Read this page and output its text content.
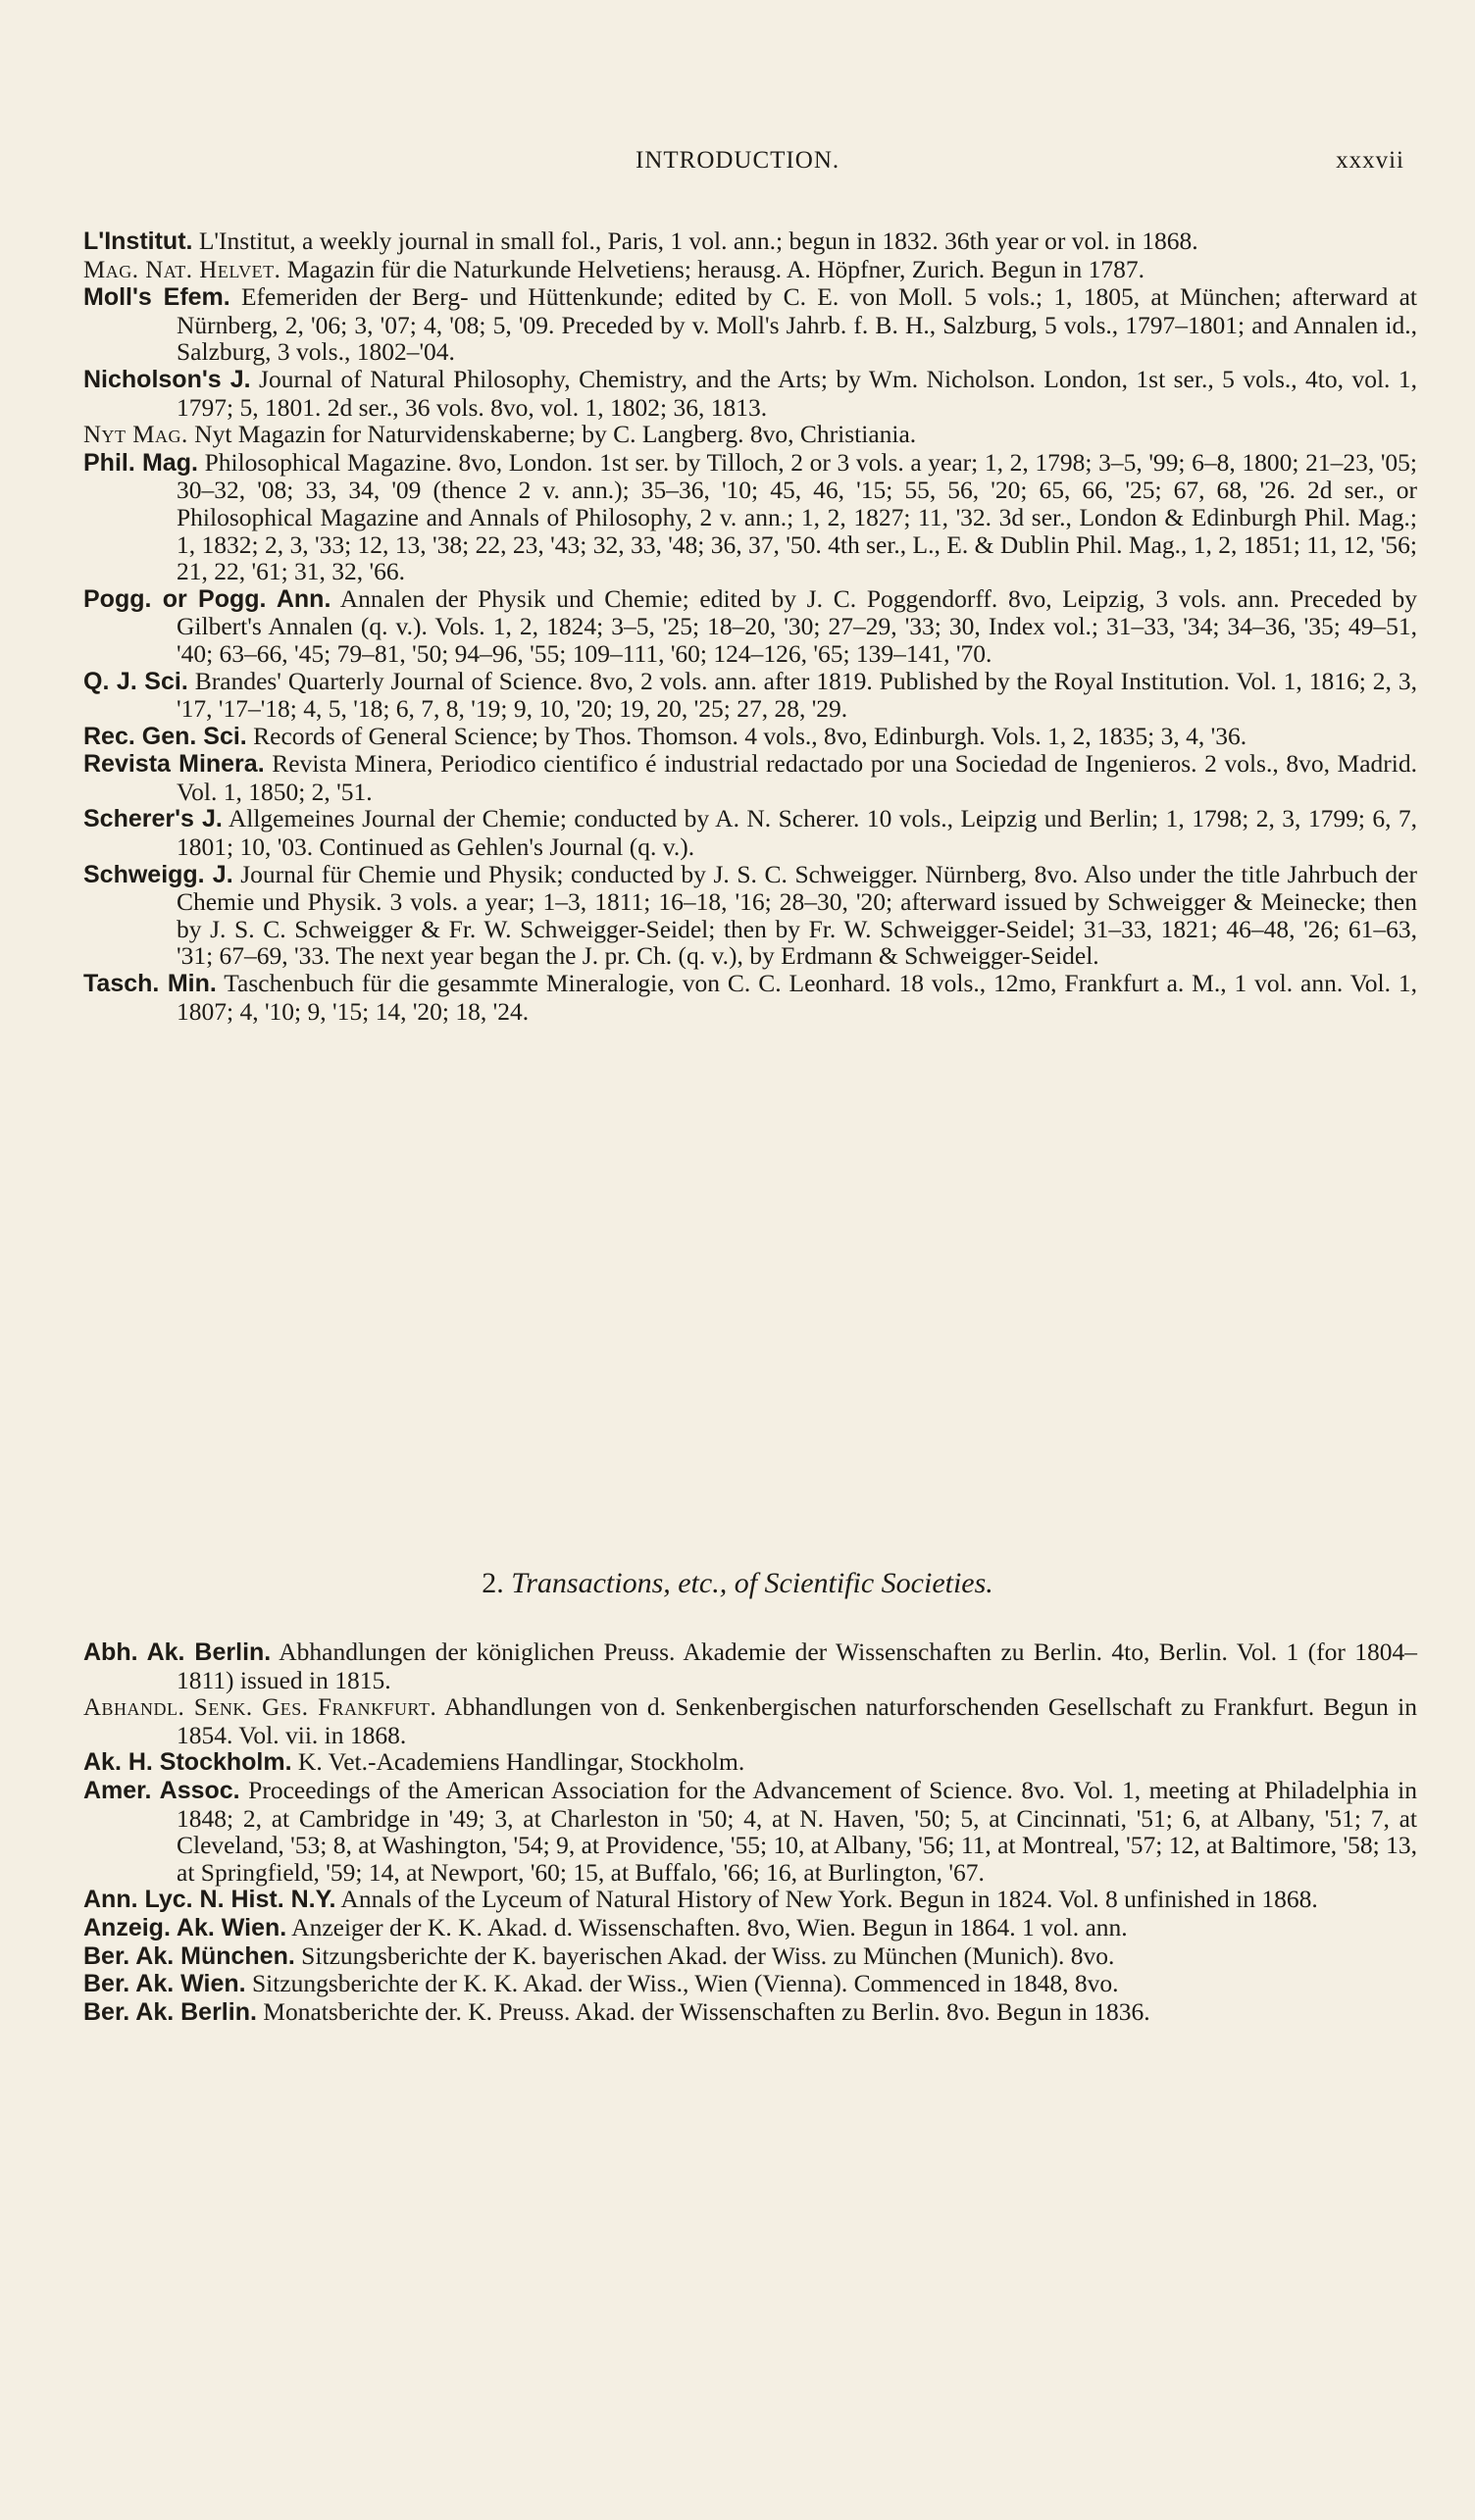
INTRODUCTION.	xxxvii

L'Institut. L'Institut, a weekly journal in small fol., Paris, 1 vol. ann.; begun in 1832. 36th year or vol. in 1868.

Mag. Nat. Helvet. Magazin für die Naturkunde Helvetiens; herausg. A. Höpfner, Zurich. Begun in 1787.

Moll's Efem. Efemeriden der Berg- und Hüttenkunde; edited by C. E. von Moll. 5 vols.; 1, 1805, at München; afterward at Nürnberg, 2, '06; 3, '07; 4, '08; 5, '09. Preceded by v. Moll's Jahrb. f. B. H., Salzburg, 5 vols., 1797–1801; and Annalen id., Salzburg, 3 vols., 1802–'04.

Nicholson's J. Journal of Natural Philosophy, Chemistry, and the Arts; by Wm. Nicholson. London, 1st ser., 5 vols., 4to, vol. 1, 1797; 5, 1801. 2d ser., 36 vols. 8vo, vol. 1, 1802; 36, 1813.

Nyt Mag. Nyt Magazin for Naturvidenskaberne; by C. Langberg. 8vo, Christiania.

Phil. Mag. Philosophical Magazine. 8vo, London. 1st ser. by Tilloch, 2 or 3 vols. a year; 1, 2, 1798; 3–5, '99; 6–8, 1800; 21–23, '05; 30–32, '08; 33, 34, '09 (thence 2 v. ann.); 35–36, '10; 45, 46, '15; 55, 56, '20; 65, 66, '25; 67, 68, '26. 2d ser., or Philosophical Magazine and Annals of Philosophy, 2 v. ann.; 1, 2, 1827; 11, '32. 3d ser., London & Edinburgh Phil. Mag.; 1, 1832; 2, 3, '33; 12, 13, '38; 22, 23, '43; 32, 33, '48; 36, 37, '50. 4th ser., L., E. & Dublin Phil. Mag., 1, 2, 1851; 11, 12, '56; 21, 22, '61; 31, 32, '66.

Pogg. or Pogg. Ann. Annalen der Physik und Chemie; edited by J. C. Poggendorff. 8vo, Leipzig, 3 vols. ann. Preceded by Gilbert's Annalen (q. v.). Vols. 1, 2, 1824; 3–5, '25; 18–20, '30; 27–29, '33; 30, Index vol.; 31–33, '34; 34–36, '35; 49–51, '40; 63–66, '45; 79–81, '50; 94–96, '55; 109–111, '60; 124–126, '65; 139–141, '70.

Q. J. Sci. Brandes' Quarterly Journal of Science. 8vo, 2 vols. ann. after 1819. Published by the Royal Institution. Vol. 1, 1816; 2, 3, '17, '17–'18; 4, 5, '18; 6, 7, 8, '19; 9, 10, '20; 19, 20, '25; 27, 28, '29.

Rec. Gen. Sci. Records of General Science; by Thos. Thomson. 4 vols., 8vo, Edinburgh. Vols. 1, 2, 1835; 3, 4, '36.

Revista Minera. Revista Minera, Periodico cientifico é industrial redactado por una Sociedad de Ingenieros. 2 vols., 8vo, Madrid. Vol. 1, 1850; 2, '51.

Scherer's J. Allgemeines Journal der Chemie; conducted by A. N. Scherer. 10 vols., Leipzig und Berlin; 1, 1798; 2, 3, 1799; 6, 7, 1801; 10, '03. Continued as Gehlen's Journal (q. v.).

Schweigg. J. Journal für Chemie und Physik; conducted by J. S. C. Schweigger. Nürnberg, 8vo. Also under the title Jahrbuch der Chemie und Physik. 3 vols. a year; 1–3, 1811; 16–18, '16; 28–30, '20; afterward issued by Schweigger & Meinecke; then by J. S. C. Schweigger & Fr. W. Schweigger-Seidel; then by Fr. W. Schweigger-Seidel; 31–33, 1821; 46–48, '26; 61–63, '31; 67–69, '33. The next year began the J. pr. Ch. (q. v.), by Erdmann & Schweigger-Seidel.

Tasch. Min. Taschenbuch für die gesammte Mineralogie, von C. C. Leonhard. 18 vols., 12mo, Frankfurt a. M., 1 vol. ann. Vol. 1, 1807; 4, '10; 9, '15; 14, '20; 18, '24.

2. Transactions, etc., of Scientific Societies.

Abh. Ak. Berlin. Abhandlungen der königlichen Preuss. Akademie der Wissenschaften zu Berlin. 4to, Berlin. Vol. 1 (for 1804–1811) issued in 1815.

Abhandl. Senk. Ges. Frankfurt. Abhandlungen von d. Senkenbergischen naturforschenden Gesellschaft zu Frankfurt. Begun in 1854. Vol. vii. in 1868.

Ak. H. Stockholm. K. Vet.-Academiens Handlingar, Stockholm.

Amer. Assoc. Proceedings of the American Association for the Advancement of Science. 8vo. Vol. 1, meeting at Philadelphia in 1848; 2, at Cambridge in '49; 3, at Charleston in '50; 4, at N. Haven, '50; 5, at Cincinnati, '51; 6, at Albany, '51; 7, at Cleveland, '53; 8, at Washington, '54; 9, at Providence, '55; 10, at Albany, '56; 11, at Montreal, '57; 12, at Baltimore, '58; 13, at Springfield, '59; 14, at Newport, '60; 15, at Buffalo, '66; 16, at Burlington, '67.

Ann. Lyc. N. Hist. N.Y. Annals of the Lyceum of Natural History of New York. Begun in 1824. Vol. 8 unfinished in 1868.

Anzeig. Ak. Wien. Anzeiger der K. K. Akad. d. Wissenschaften. 8vo, Wien. Begun in 1864. 1 vol. ann.

Ber. Ak. München. Sitzungsberichte der K. bayerischen Akad. der Wiss. zu München (Munich). 8vo.

Ber. Ak. Wien. Sitzungsberichte der K. K. Akad. der Wiss., Wien (Vienna). Commenced in 1848, 8vo.

Ber. Ak. Berlin. Monatsberichte der. K. Preuss. Akad. der Wissenschaften zu Berlin. 8vo. Begun in 1836.
